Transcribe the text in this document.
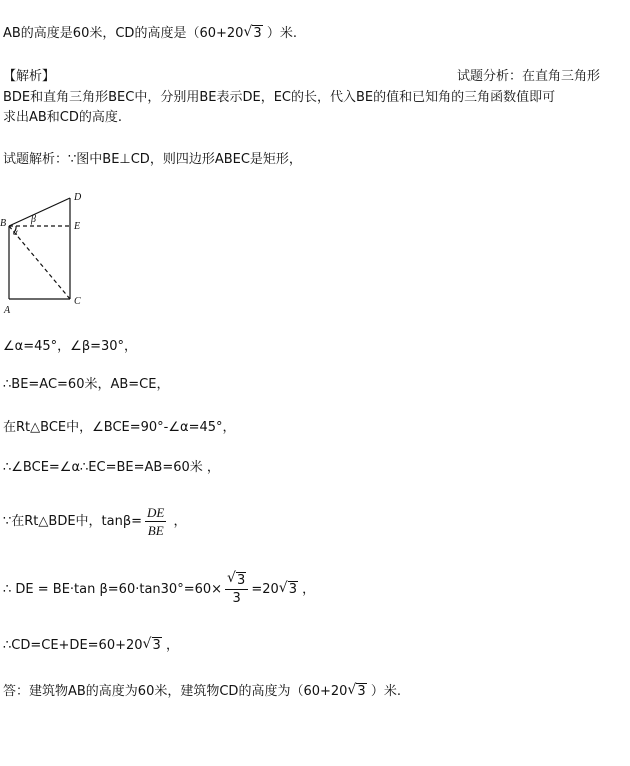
AB的高度是60米，CD的高度是（60+20 √ 3 ）米.
【解析】	试题分析：在直角三角形
BDE和直角三角形BEC中，分别用BE表示DE，EC的长，代入BE的值和已知角的三角函数值即可
求出AB和CD的高度.
试题解析：∵图中BE⊥CD，则四边形ABEC是矩形，
D
B	E
C
A
α
β
∠α=45°，∠β=30°，
∴BE=AC=60米，AB=CE，
在Rt△BCE中，∠BCE=90°-∠α=45°，
∴∠BCE=∠α∴EC=BE=AB=60米 ，
∵在Rt△BDE中，$\tan\beta= \frac{DE}{BE}$ ，
∴ DE = BE·tan $\beta=60\cdot\tan 30^\circ=60\times \frac{√ 3}{3} =20$ √ 3 ，
∴CD=CE+DE=60+20 √ 3 ，
答：建筑物AB的高度为60米，建筑物CD的高度为（60+20 √ 3 ）米.
